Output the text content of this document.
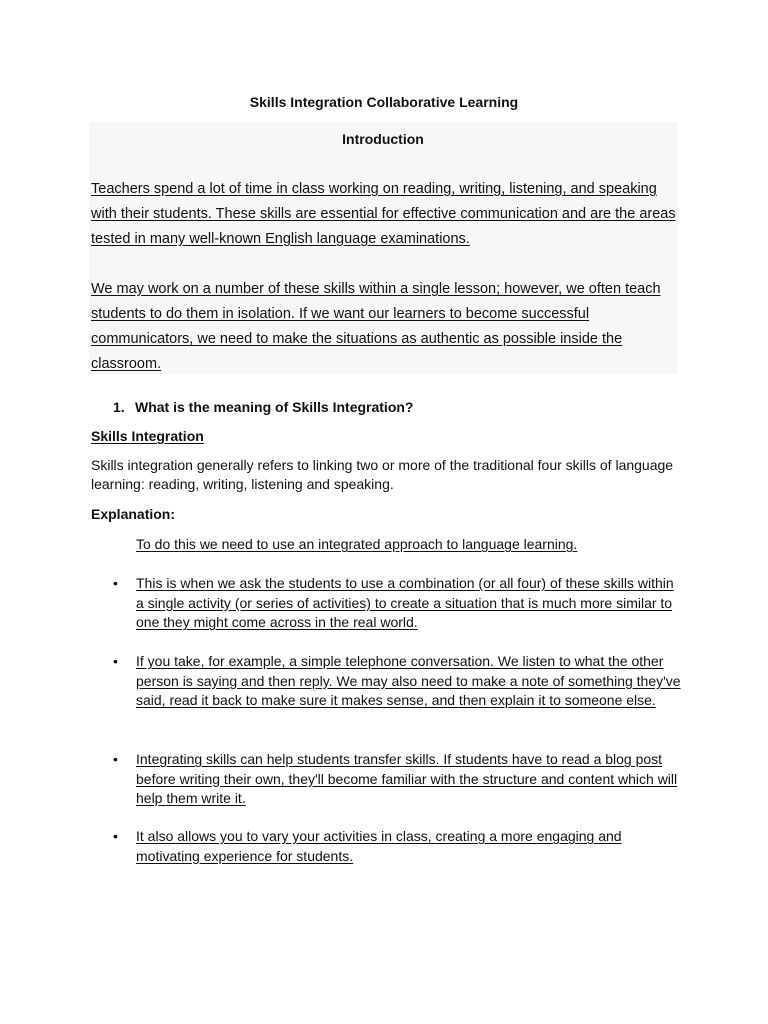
Skills Integration Collaborative Learning
Introduction
Teachers spend a lot of time in class working on reading, writing, listening, and speaking with their students. These skills are essential for effective communication and are the areas tested in many well-known English language examinations.
We may work on a number of these skills within a single lesson; however, we often teach students to do them in isolation. If we want our learners to become successful communicators, we need to make the situations as authentic as possible inside the classroom.
1. What is the meaning of Skills Integration?
Skills Integration
Skills integration generally refers to linking two or more of the traditional four skills of language learning: reading, writing, listening and speaking.
Explanation:
To do this we need to use an integrated approach to language learning.
•	This is when we ask the students to use a combination (or all four) of these skills within a single activity (or series of activities) to create a situation that is much more similar to one they might come across in the real world.
•	If you take, for example, a simple telephone conversation. We listen to what the other person is saying and then reply. We may also need to make a note of something they've said, read it back to make sure it makes sense, and then explain it to someone else.
•	Integrating skills can help students transfer skills. If students have to read a blog post before writing their own, they'll become familiar with the structure and content which will help them write it.
•	It also allows you to vary your activities in class, creating a more engaging and motivating experience for students.
